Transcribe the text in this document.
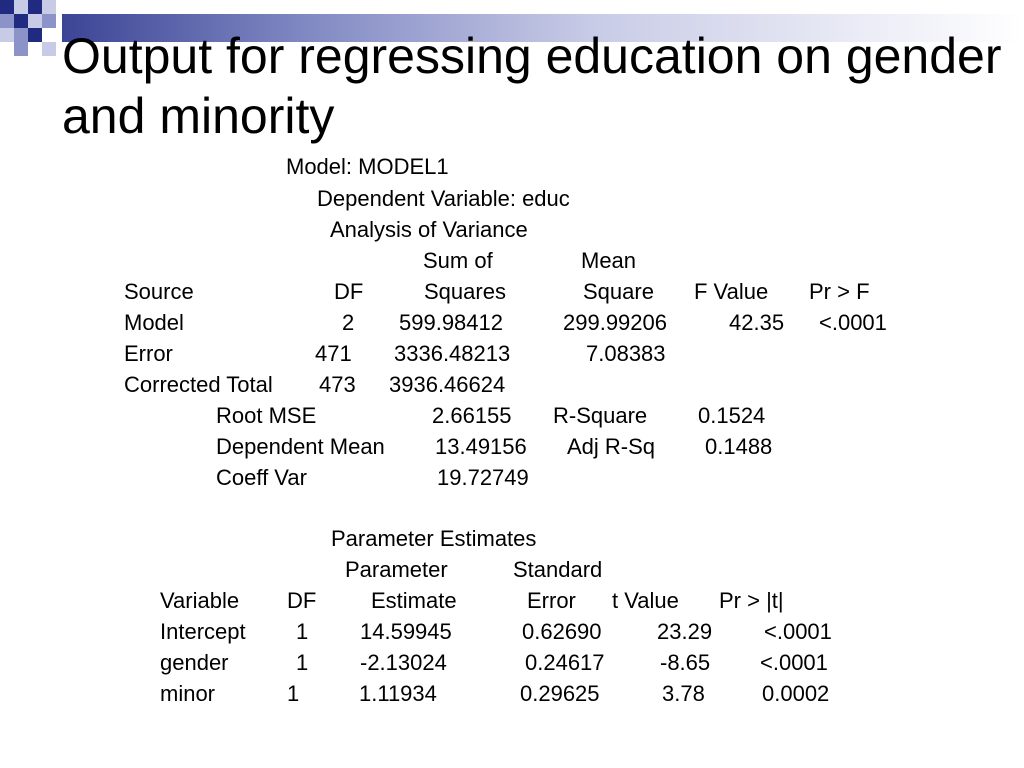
Output for regressing education on gender and minority
Model: MODEL1
Dependent Variable: educ
Analysis of Variance
Sum of	Mean
Source	DF	Squares	Square F Value Pr > F
Model	2 599.98412	299.99206	42.35 <.0001
Error	471 3336.48213	7.08383
Corrected Total 473 3936.46624
Root MSE	2.66155 R-Square 0.1524
Dependent Mean 13.49156 Adj R-Sq 0.1488
Coeff Var	19.72749
Parameter Estimates
Parameter	Standard
Variable DF Estimate	Error t Value Pr > |t|
Intercept 1 14.59945	0.62690	23.29 <.0001
gender	1 -2.13024	0.24617	-8.65 <.0001
minor	1	1.11934	0.29625	3.78	0.0002
